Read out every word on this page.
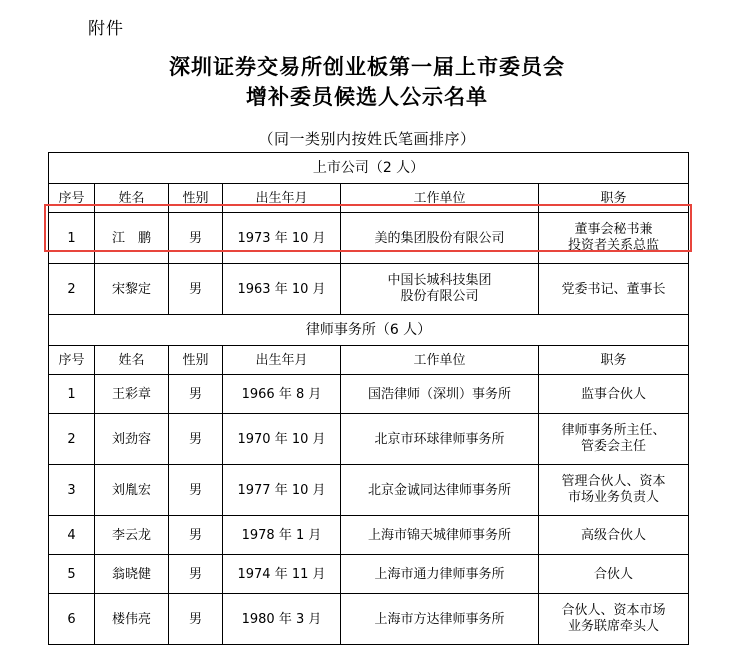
附件
深圳证券交易所创业板第一届上市委员会
增补委员候选人公示名单
（同一类别内按姓氏笔画排序）
上市公司（2 人）					
序号	姓名	性别	出生年月	工作单位	职务
1	江　鹏	男	1973 年 10 月	美的集团股份有限公司	董事会秘书兼
投资者关系总监

2	宋黎定	男	1963 年 10 月	中国长城科技集团
股份有限公司	党委书记、董事长
律师事务所（6 人）					
序号	姓名	性别	出生年月	工作单位	职务
1	王彩章	男	1966 年 8 月	国浩律师（深圳）事务所	监事合伙人
2	刘劲容	男	1970 年 10 月	北京市环球律师事务所	律师事务所主任、
管委会主任

3	刘胤宏	男	1977 年 10 月	北京金诚同达律师事务所	管理合伙人、资本
市场业务负责人

4	李云龙	男	1978 年 1 月	上海市锦天城律师事务所	高级合伙人
5	翁晓健	男	1974 年 11 月	上海市通力律师事务所	合伙人
6	楼伟亮	男	1980 年 3 月	上海市方达律师事务所	合伙人、资本市场
业务联席牵头人
